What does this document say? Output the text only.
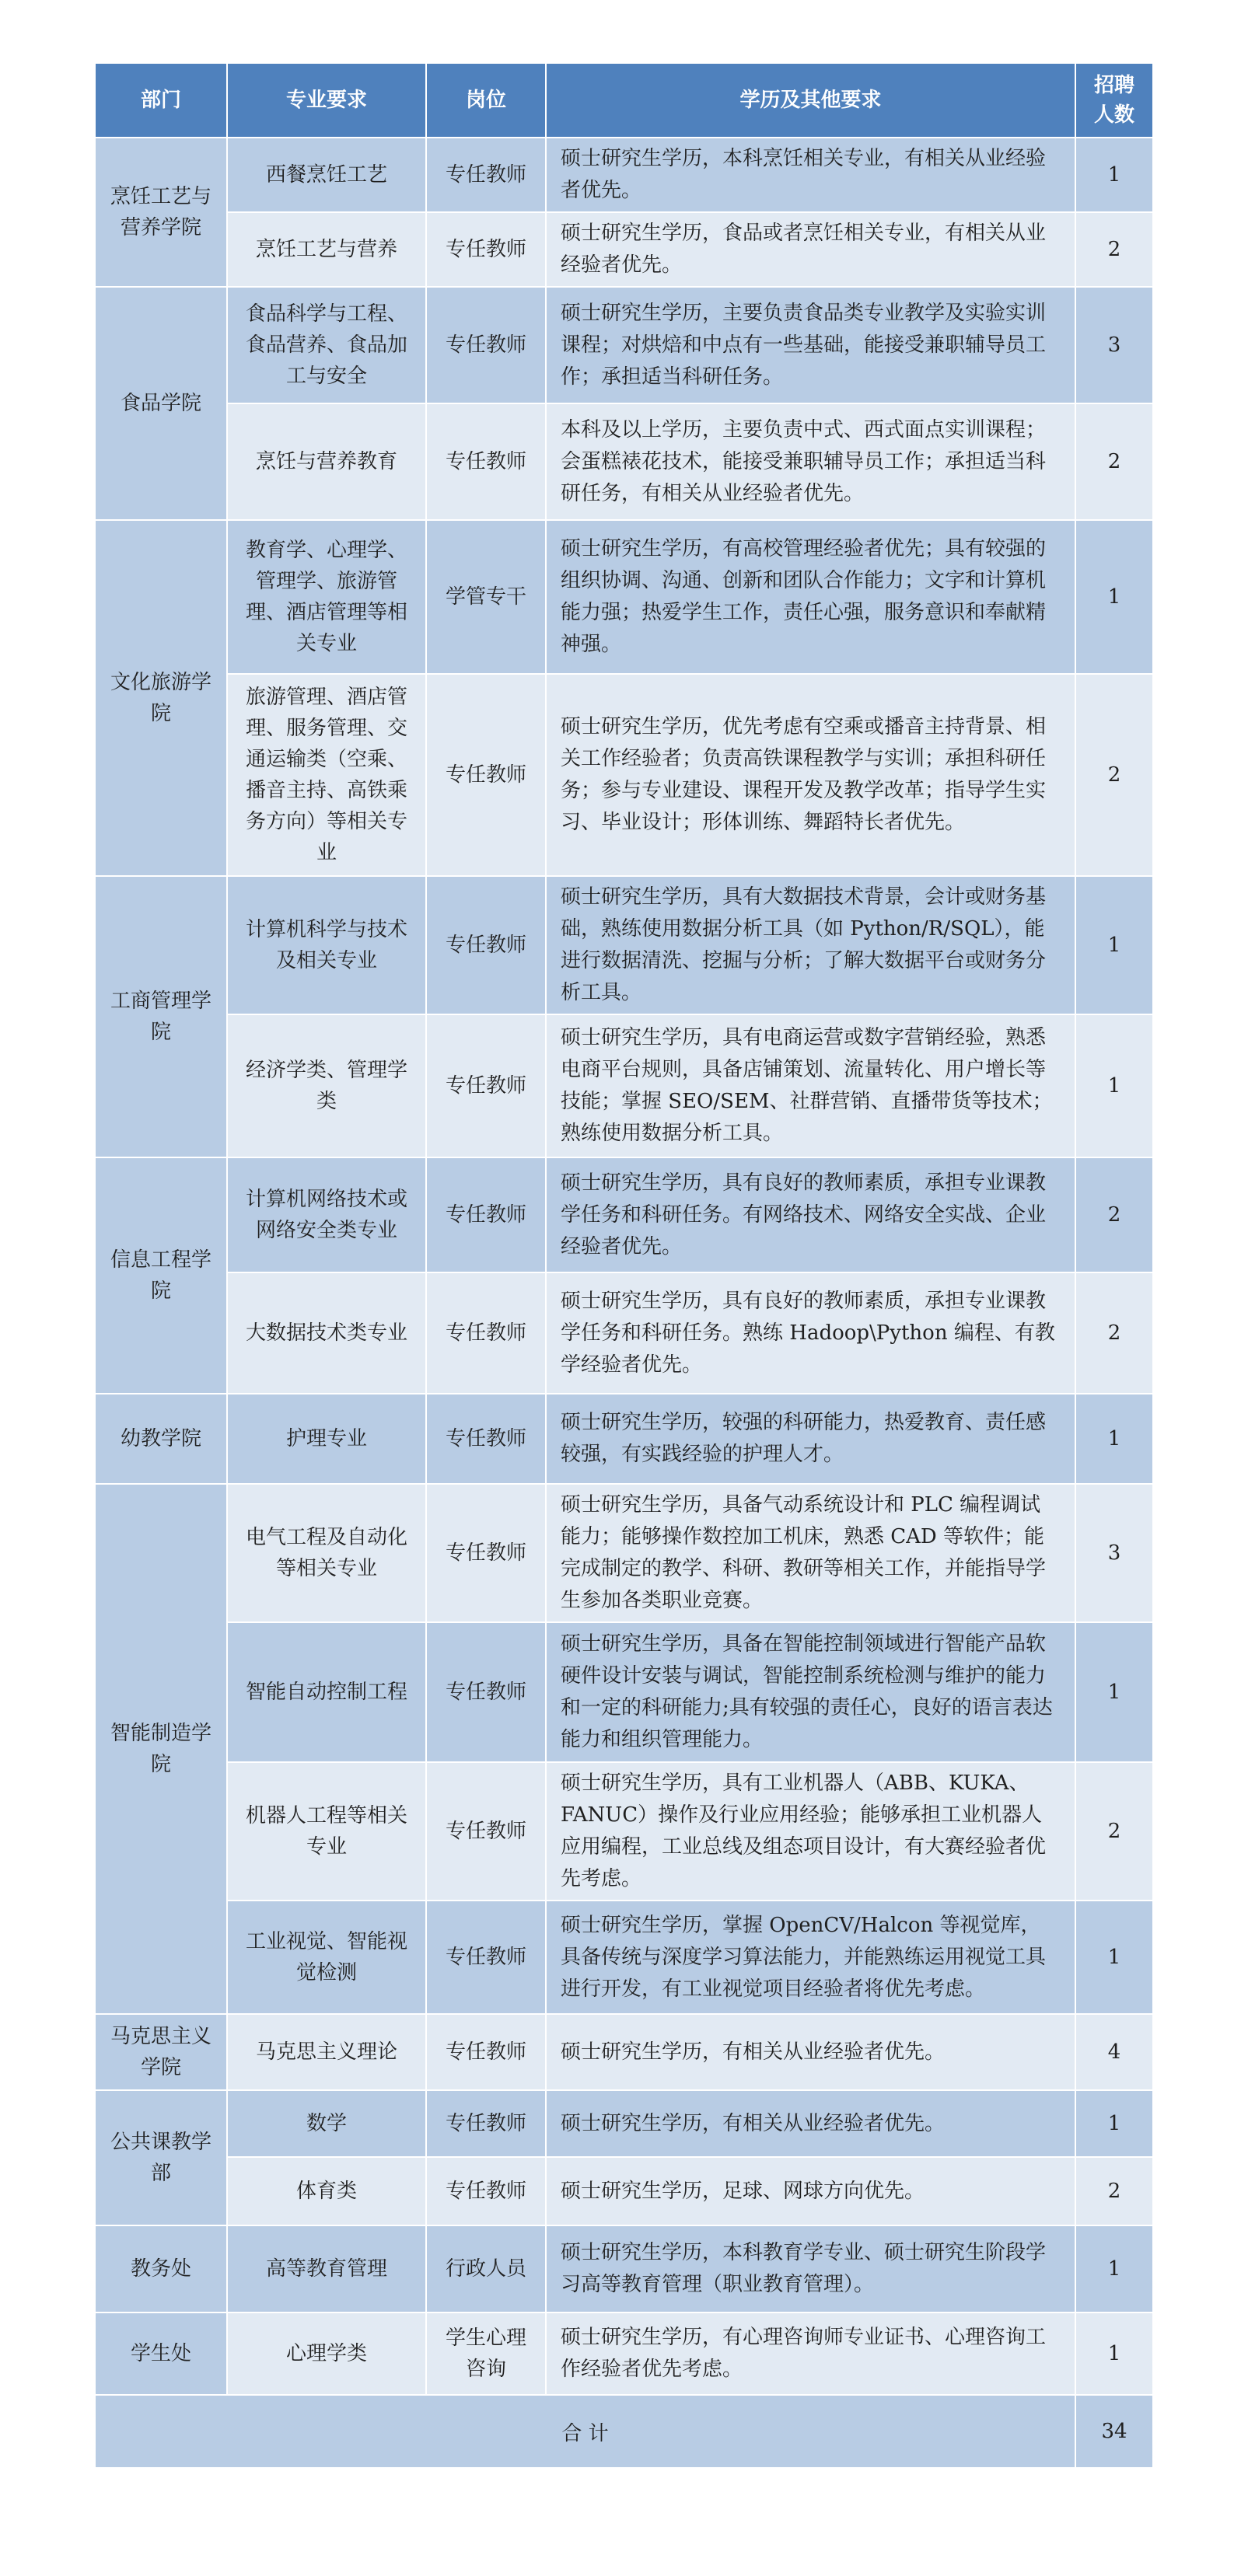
部门	专业要求	岗位	学历及其他要求	招聘人数
烹饪工艺与营养学院	西餐烹饪工艺	专任教师	硕士研究生学历，本科烹饪相关专业，有相关从业经验者优先。	1
	烹饪工艺与营养	专任教师	硕士研究生学历，食品或者烹饪相关专业，有相关从业经验者优先。	2
食品学院	食品科学与工程、食品营养、食品加工与安全	专任教师	硕士研究生学历，主要负责食品类专业教学及实验实训课程；对烘焙和中点有一些基础，能接受兼职辅导员工作；承担适当科研任务。	3
	烹饪与营养教育	专任教师	本科及以上学历，主要负责中式、西式面点实训课程；会蛋糕裱花技术，能接受兼职辅导员工作；承担适当科研任务，有相关从业经验者优先。	2
文化旅游学院	教育学、心理学、管理学、旅游管理、酒店管理等相关专业	学管专干	硕士研究生学历，有高校管理经验者优先；具有较强的组织协调、沟通、创新和团队合作能力；文字和计算机能力强；热爱学生工作，责任心强，服务意识和奉献精神强。	1
	旅游管理、酒店管理、服务管理、交通运输类（空乘、播音主持、高铁乘务方向）等相关专业	专任教师	硕士研究生学历，优先考虑有空乘或播音主持背景、相关工作经验者；负责高铁课程教学与实训；承担科研任务；参与专业建设、课程开发及教学改革；指导学生实习、毕业设计；形体训练、舞蹈特长者优先。	2
工商管理学院	计算机科学与技术及相关专业	专任教师	硕士研究生学历，具有大数据技术背景，会计或财务基础，熟练使用数据分析工具（如 Python/R/SQL），能进行数据清洗、挖掘与分析；了解大数据平台或财务分析工具。	1
	经济学类、管理学类	专任教师	硕士研究生学历，具有电商运营或数字营销经验，熟悉电商平台规则，具备店铺策划、流量转化、用户增长等技能；掌握 SEO/SEM、社群营销、直播带货等技术；熟练使用数据分析工具。	1
信息工程学院	计算机网络技术或网络安全类专业	专任教师	硕士研究生学历，具有良好的教师素质，承担专业课教学任务和科研任务。有网络技术、网络安全实战、企业经验者优先。	2
	大数据技术类专业	专任教师	硕士研究生学历，具有良好的教师素质，承担专业课教学任务和科研任务。熟练 Hadoop\Python 编程、有教学经验者优先。	2
幼教学院	护理专业	专任教师	硕士研究生学历，较强的科研能力，热爱教育、责任感较强，有实践经验的护理人才。	1
智能制造学院	电气工程及自动化等相关专业	专任教师	硕士研究生学历，具备气动系统设计和 PLC 编程调试能力；能够操作数控加工机床，熟悉 CAD 等软件；能完成制定的教学、科研、教研等相关工作，并能指导学生参加各类职业竞赛。	3
	智能自动控制工程	专任教师	硕士研究生学历，具备在智能控制领域进行智能产品软硬件设计安装与调试，智能控制系统检测与维护的能力和一定的科研能力;具有较强的责任心，良好的语言表达能力和组织管理能力。	1
	机器人工程等相关专业	专任教师	硕士研究生学历，具有工业机器人（ABB、KUKA、FANUC）操作及行业应用经验；能够承担工业机器人应用编程，工业总线及组态项目设计，有大赛经验者优先考虑。	2
	工业视觉、智能视觉检测	专任教师	硕士研究生学历，掌握 OpenCV/Halcon 等视觉库，具备传统与深度学习算法能力，并能熟练运用视觉工具进行开发，有工业视觉项目经验者将优先考虑。	1
马克思主义学院	马克思主义理论	专任教师	硕士研究生学历，有相关从业经验者优先。	4
公共课教学部	数学	专任教师	硕士研究生学历，有相关从业经验者优先。	1
	体育类	专任教师	硕士研究生学历，足球、网球方向优先。	2
教务处	高等教育管理	行政人员	硕士研究生学历，本科教育学专业、硕士研究生阶段学习高等教育管理（职业教育管理）。	1
学生处	心理学类	学生心理咨询	硕士研究生学历，有心理咨询师专业证书、心理咨询工作经验者优先考虑。	1
合 计				34
